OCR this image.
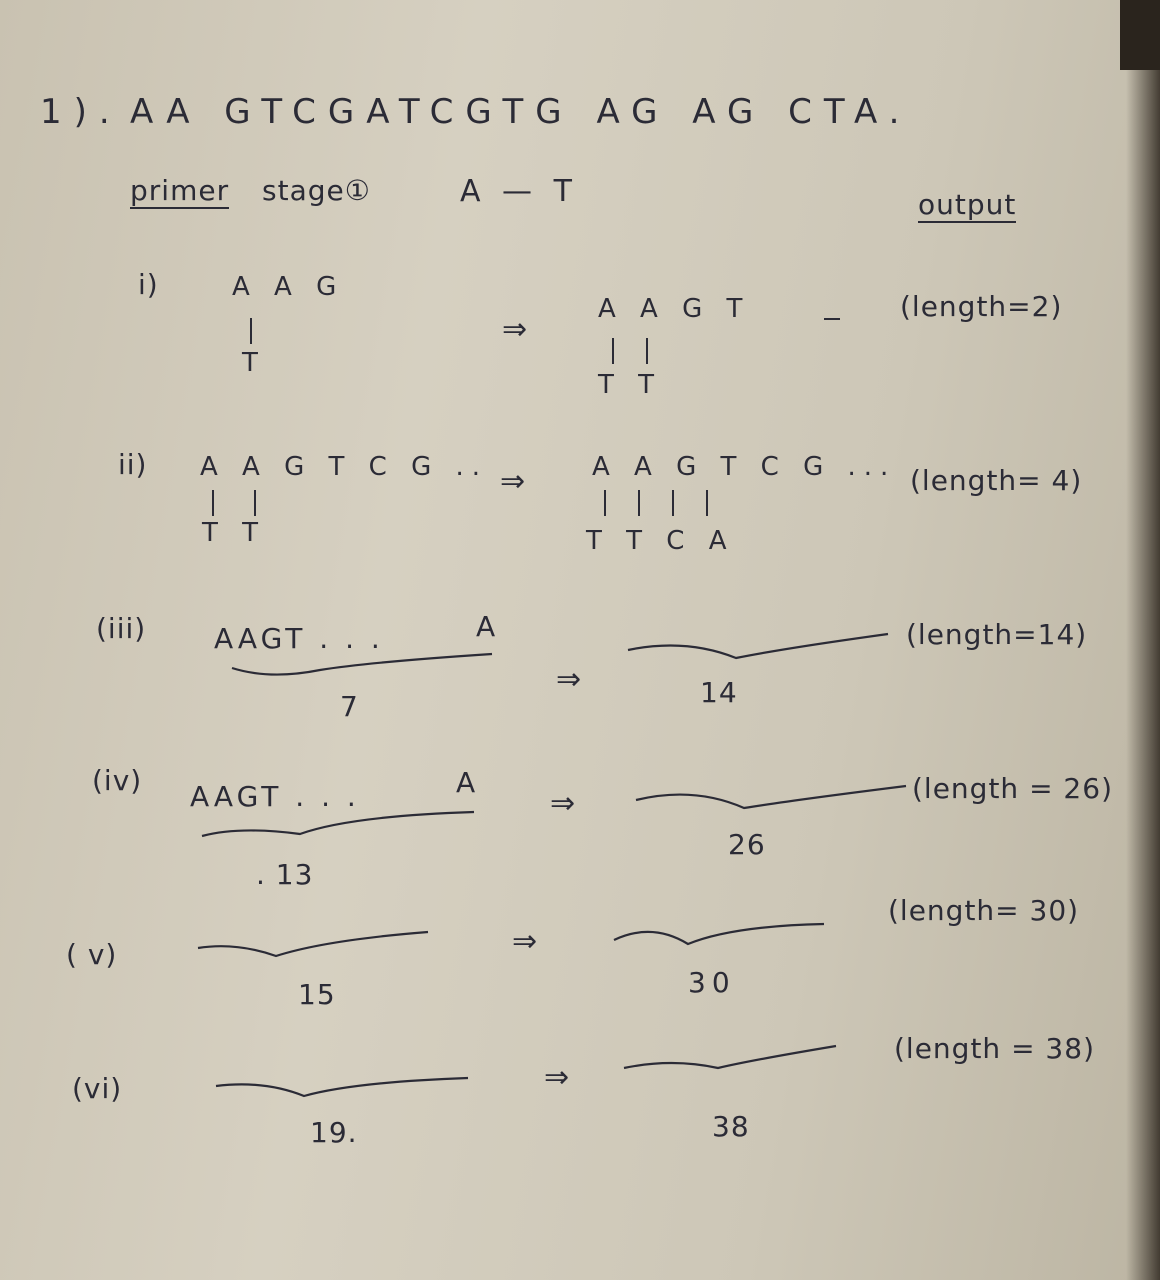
1). AA GTCGATCGTG AG AG CTA.
primer stage①	A — T	output
i)	A A G
T
⇒
A A G T
T T
(length=2)
ii) A A G T C G ..
T T
⇒	A A G T C G ...
T T C A
(length= 4)
(iii) AAGT . . .	A
7
⇒	14
(length=14)
(iv) AAGT . . .	A
. 13
⇒
26
(length = 26)
( v)
15
⇒
30
(length= 30)
(vi)
19.
⇒
38
(length = 38)
